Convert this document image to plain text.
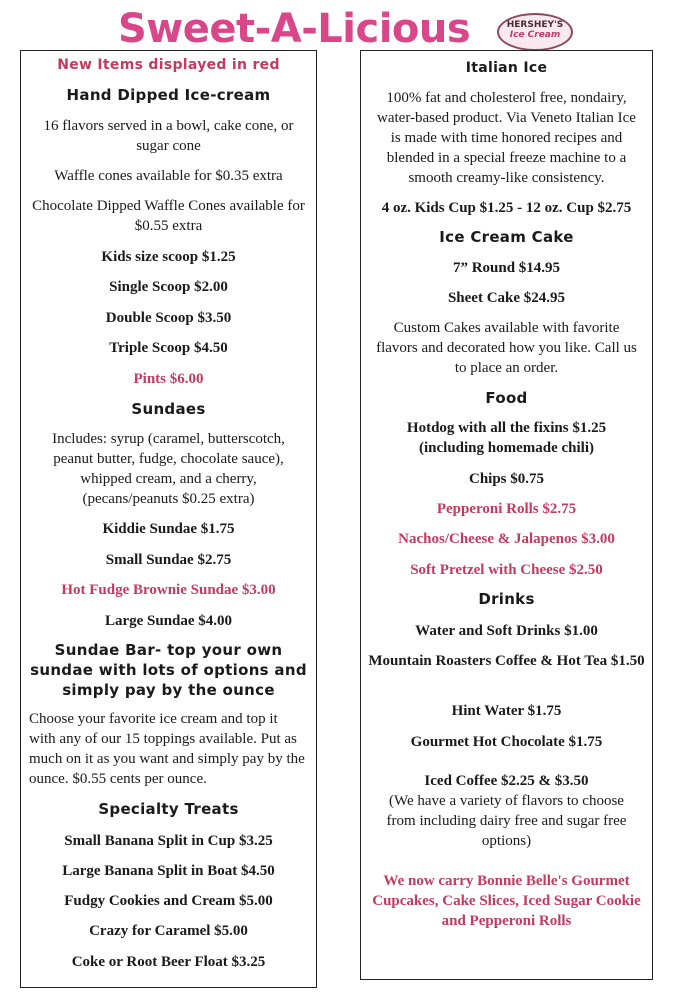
Sweet-A-Licious	HERSHEY'S
Ice Cream
New Items displayed in red
Hand Dipped Ice-cream
16 flavors served in a bowl, cake cone, or sugar cone
Waffle cones available for $0.35 extra
Chocolate Dipped Waffle Cones available for $0.55 extra
Kids size scoop $1.25
Single Scoop $2.00
Double Scoop $3.50
Triple Scoop $4.50
Pints $6.00
Sundaes
Includes: syrup (caramel, butterscotch, peanut butter, fudge, chocolate sauce), whipped cream, and a cherry, (pecans/peanuts $0.25 extra)
Kiddie Sundae $1.75
Small Sundae $2.75
Hot Fudge Brownie Sundae $3.00
Large Sundae $4.00
Sundae Bar- top your own sundae with lots of options and simply pay by the ounce
Choose your favorite ice cream and top it with any of our 15 toppings available. Put as much on it as you want and simply pay by the ounce. $0.55 cents per ounce.
Specialty Treats
Small Banana Split in Cup $3.25
Large Banana Split in Boat $4.50
Fudgy Cookies and Cream $5.00
Crazy for Caramel $5.00
Coke or Root Beer Float $3.25
Italian Ice
100% fat and cholesterol free, nondairy, water-based product. Via Veneto Italian Ice is made with time honored recipes and blended in a special freeze machine to a smooth creamy-like consistency.
4 oz. Kids Cup $1.25 - 12 oz. Cup $2.75
Ice Cream Cake
7” Round $14.95
Sheet Cake $24.95
Custom Cakes available with favorite flavors and decorated how you like. Call us to place an order.
Food
Hotdog with all the fixins $1.25 (including homemade chili)
Chips $0.75
Pepperoni Rolls $2.75
Nachos/Cheese & Jalapenos $3.00
Soft Pretzel with Cheese $2.50
Drinks
Water and Soft Drinks $1.00
Mountain Roasters Coffee & Hot Tea $1.50
Hint Water $1.75
Gourmet Hot Chocolate $1.75
Iced Coffee $2.25 & $3.50
(We have a variety of flavors to choose from including dairy free and sugar free options)
We now carry Bonnie Belle's Gourmet Cupcakes, Cake Slices, Iced Sugar Cookie and Pepperoni Rolls
